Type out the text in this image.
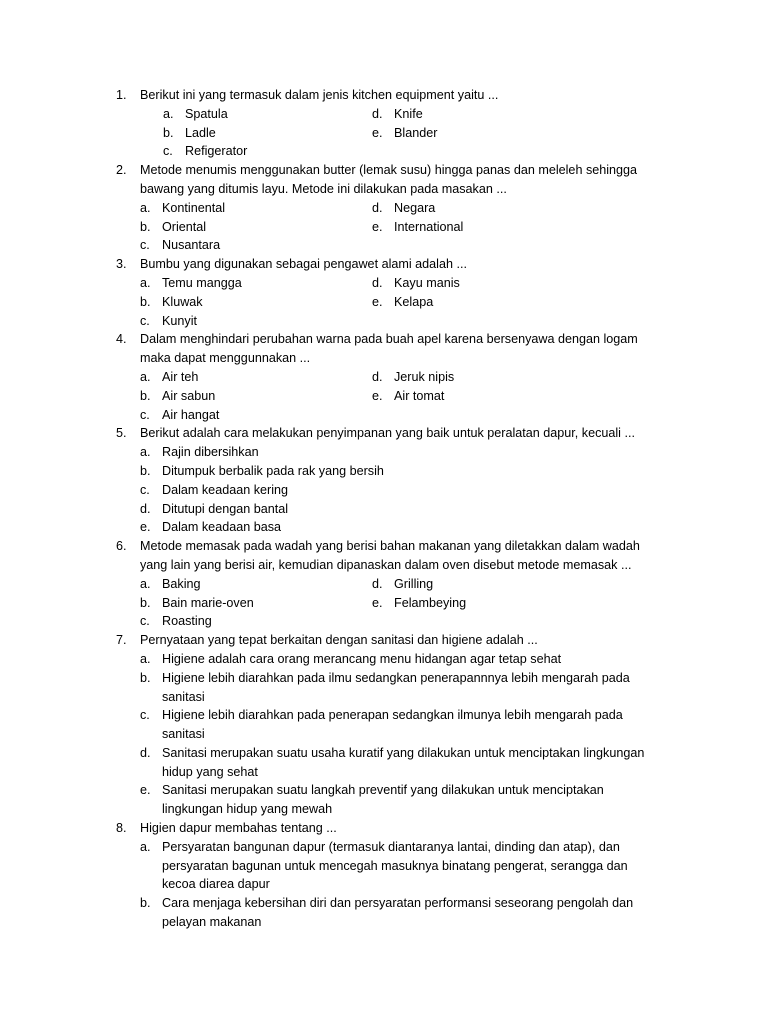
1. Berikut ini yang termasuk dalam jenis kitchen equipment yaitu ...
a. Spatula	d. Knife
b. Ladle	e. Blander
c. Refigerator
2. Metode menumis menggunakan butter (lemak susu) hingga panas dan meleleh sehingga bawang yang ditumis layu. Metode ini dilakukan pada masakan ...
a. Kontinental	d. Negara
b. Oriental	e. International
c. Nusantara
3. Bumbu yang digunakan sebagai pengawet alami adalah ...
a. Temu mangga	d. Kayu manis
b. Kluwak	e. Kelapa
c. Kunyit
4. Dalam menghindari perubahan warna pada buah apel karena bersenyawa dengan logam maka dapat menggunnakan ...
a. Air teh	d. Jeruk nipis
b. Air sabun	e. Air tomat
c. Air hangat
5. Berikut adalah cara melakukan penyimpanan yang baik untuk peralatan dapur, kecuali ...
a. Rajin dibersihkan
b. Ditumpuk berbalik pada rak yang bersih
c. Dalam keadaan kering
d. Ditutupi dengan bantal
e. Dalam keadaan basa
6. Metode memasak pada wadah yang berisi bahan makanan yang diletakkan dalam wadah yang lain yang berisi air, kemudian dipanaskan dalam oven disebut metode memasak ...
a. Baking	d. Grilling
b. Bain marie-oven	e. Felambeying
c. Roasting
7. Pernyataan yang tepat berkaitan dengan sanitasi dan higiene adalah ...
a. Higiene adalah cara orang merancang menu hidangan agar tetap sehat
b. Higiene lebih diarahkan pada ilmu sedangkan penerapannnya lebih mengarah pada sanitasi
c. Higiene lebih diarahkan pada penerapan sedangkan ilmunya lebih mengarah pada sanitasi
d. Sanitasi merupakan suatu usaha kuratif yang dilakukan untuk menciptakan lingkungan hidup yang sehat
e. Sanitasi merupakan suatu langkah preventif yang dilakukan untuk menciptakan lingkungan hidup yang mewah
8. Higien dapur membahas tentang ...
a. Persyaratan bangunan dapur (termasuk diantaranya lantai, dinding dan atap), dan persyaratan bagunan untuk mencegah masuknya binatang pengerat, serangga dan kecoa diarea dapur
b. Cara menjaga kebersihan diri dan persyaratan performansi seseorang pengolah dan pelayan makanan
